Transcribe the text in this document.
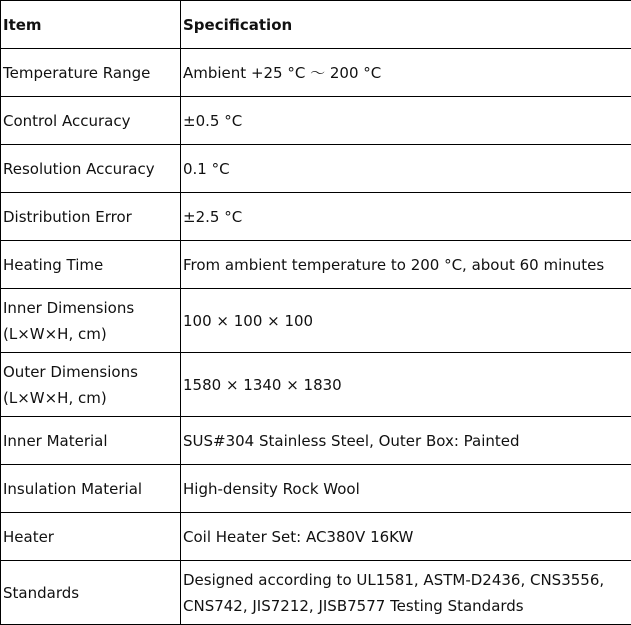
Item	Specification
Temperature Range	Ambient +25 °C ～ 200 °C
Control Accuracy	±0.5 °C
Resolution Accuracy	0.1 °C
Distribution Error	±2.5 °C
Heating Time	From ambient temperature to 200 °C, about 60 minutes
Inner Dimensions
(L×W×H, cm)	100 × 100 × 100
Outer Dimensions
(L×W×H, cm)	1580 × 1340 × 1830
Inner Material	SUS#304 Stainless Steel, Outer Box: Painted
Insulation Material	High-density Rock Wool
Heater	Coil Heater Set: AC380V 16KW
Standards	Designed according to UL1581, ASTM-D2436, CNS3556,
CNS742, JIS7212, JISB7577 Testing Standards
